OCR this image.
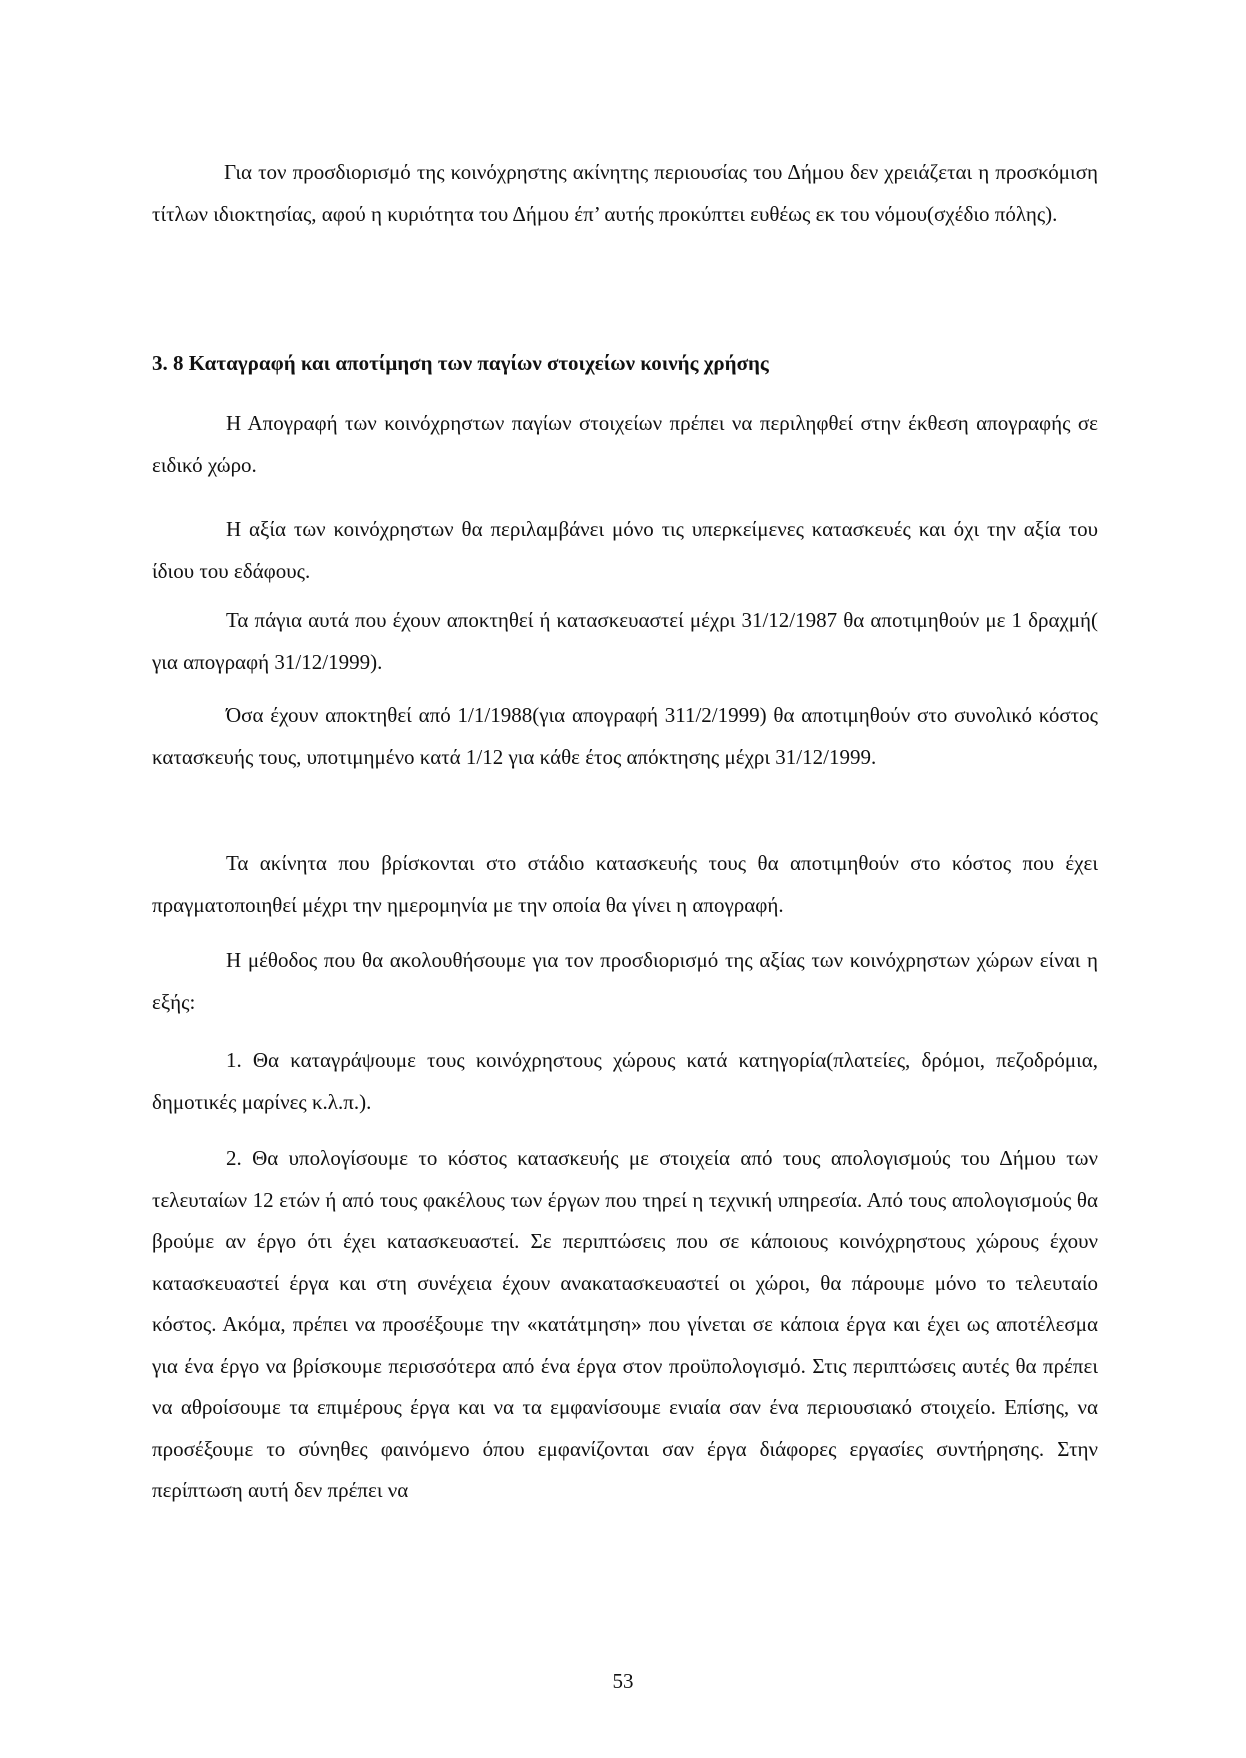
Για τον προσδιορισμό της κοινόχρηστης ακίνητης περιουσίας του Δήμου δεν χρειάζεται η προσκόμιση τίτλων ιδιοκτησίας, αφού η κυριότητα του Δήμου έπ’ αυτής προκύπτει ευθέως εκ του νόμου(σχέδιο πόλης).

3. 8 Καταγραφή και αποτίμηση των παγίων στοιχείων κοινής χρήσης

Η Απογραφή των κοινόχρηστων παγίων στοιχείων πρέπει να περιληφθεί στην έκθεση απογραφής σε ειδικό χώρο.

Η αξία των κοινόχρηστων θα περιλαμβάνει μόνο τις υπερκείμενες κατασκευές και όχι την αξία του ίδιου του εδάφους.

Τα πάγια αυτά που έχουν αποκτηθεί ή κατασκευαστεί μέχρι 31/12/1987 θα αποτιμηθούν με 1 δραχμή( για απογραφή 31/12/1999).

Όσα έχουν αποκτηθεί από 1/1/1988(για απογραφή 311/2/1999) θα αποτιμηθούν στο συνολικό κόστος κατασκευής τους, υποτιμημένο κατά 1/12 για κάθε έτος απόκτησης μέχρι 31/12/1999.

Τα ακίνητα που βρίσκονται στο στάδιο κατασκευής τους θα αποτιμηθούν στο κόστος που έχει πραγματοποιηθεί μέχρι την ημερομηνία με την οποία θα γίνει η απογραφή.

Η μέθοδος που θα ακολουθήσουμε για τον προσδιορισμό της αξίας των κοινόχρηστων χώρων είναι η εξής:

1. Θα καταγράψουμε τους κοινόχρηστους χώρους κατά κατηγορία(πλατείες, δρόμοι, πεζοδρόμια, δημοτικές μαρίνες κ.λ.π.).

2. Θα υπολογίσουμε το κόστος κατασκευής με στοιχεία από τους απολογισμούς του Δήμου των τελευταίων 12 ετών ή από τους φακέλους των έργων που τηρεί η τεχνική υπηρεσία. Από τους απολογισμούς θα βρούμε αν έργο ότι έχει κατασκευαστεί. Σε περιπτώσεις που σε κάποιους κοινόχρηστους χώρους έχουν κατασκευαστεί έργα και στη συνέχεια έχουν ανακατασκευαστεί οι χώροι, θα πάρουμε μόνο το τελευταίο κόστος. Ακόμα, πρέπει να προσέξουμε την «κατάτμηση» που γίνεται σε κάποια έργα και έχει ως αποτέλεσμα για ένα έργο να βρίσκουμε περισσότερα από ένα έργα στον προϋπολογισμό. Στις περιπτώσεις αυτές θα πρέπει να αθροίσουμε τα επιμέρους έργα και να τα εμφανίσουμε ενιαία σαν ένα περιουσιακό στοιχείο. Επίσης, να προσέξουμε το σύνηθες φαινόμενο όπου εμφανίζονται σαν έργα διάφορες εργασίες συντήρησης. Στην περίπτωση αυτή δεν πρέπει να

53
